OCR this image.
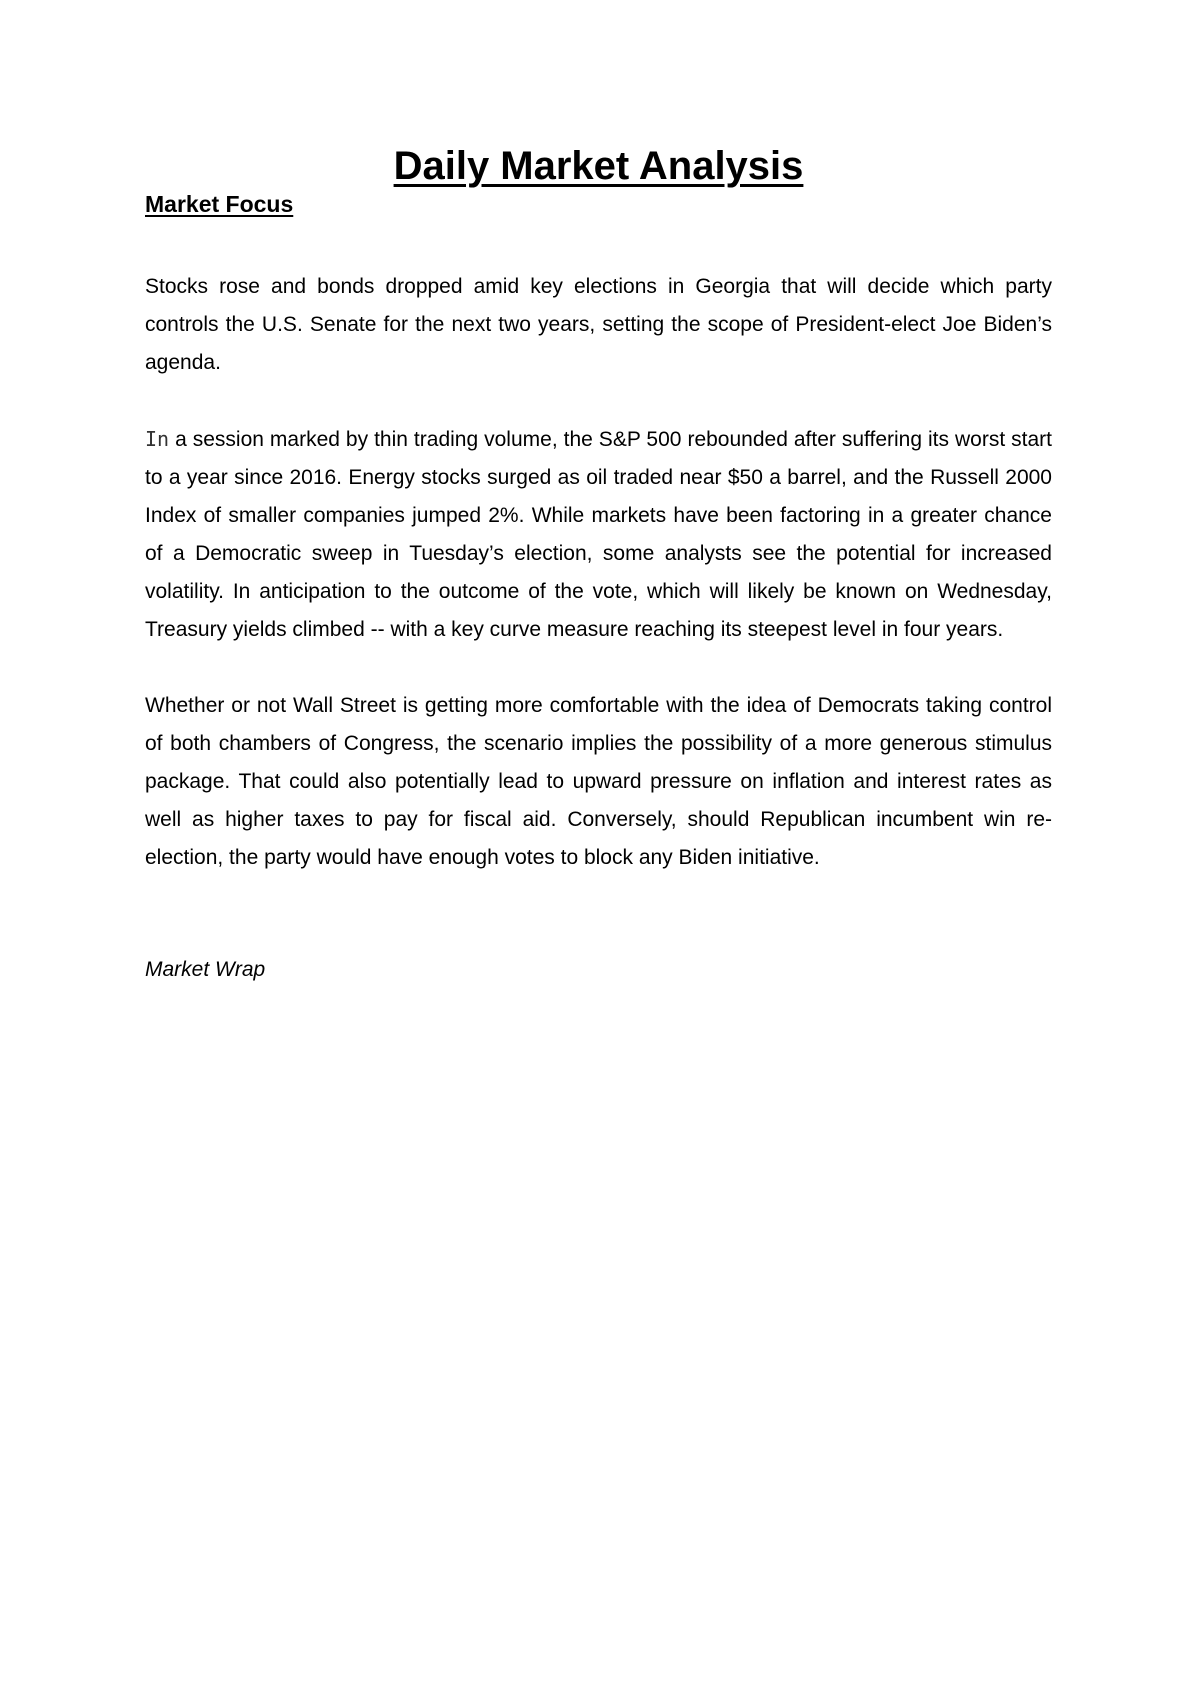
Daily Market Analysis
Market Focus

Stocks rose and bonds dropped amid key elections in Georgia that will decide which party controls the U.S. Senate for the next two years, setting the scope of President-elect Joe Biden’s agenda.

In a session marked by thin trading volume, the S&P 500 rebounded after suffering its worst start to a year since 2016. Energy stocks surged as oil traded near $50 a barrel, and the Russell 2000 Index of smaller companies jumped 2%. While markets have been factoring in a greater chance of a Democratic sweep in Tuesday’s election, some analysts see the potential for increased volatility. In anticipation to the outcome of the vote, which will likely be known on Wednesday, Treasury yields climbed -- with a key curve measure reaching its steepest level in four years.

Whether or not Wall Street is getting more comfortable with the idea of Democrats taking control of both chambers of Congress, the scenario implies the possibility of a more generous stimulus package. That could also potentially lead to upward pressure on inflation and interest rates as well as higher taxes to pay for fiscal aid. Conversely, should Republican incumbent win re-election, the party would have enough votes to block any Biden initiative.

Market Wrap
